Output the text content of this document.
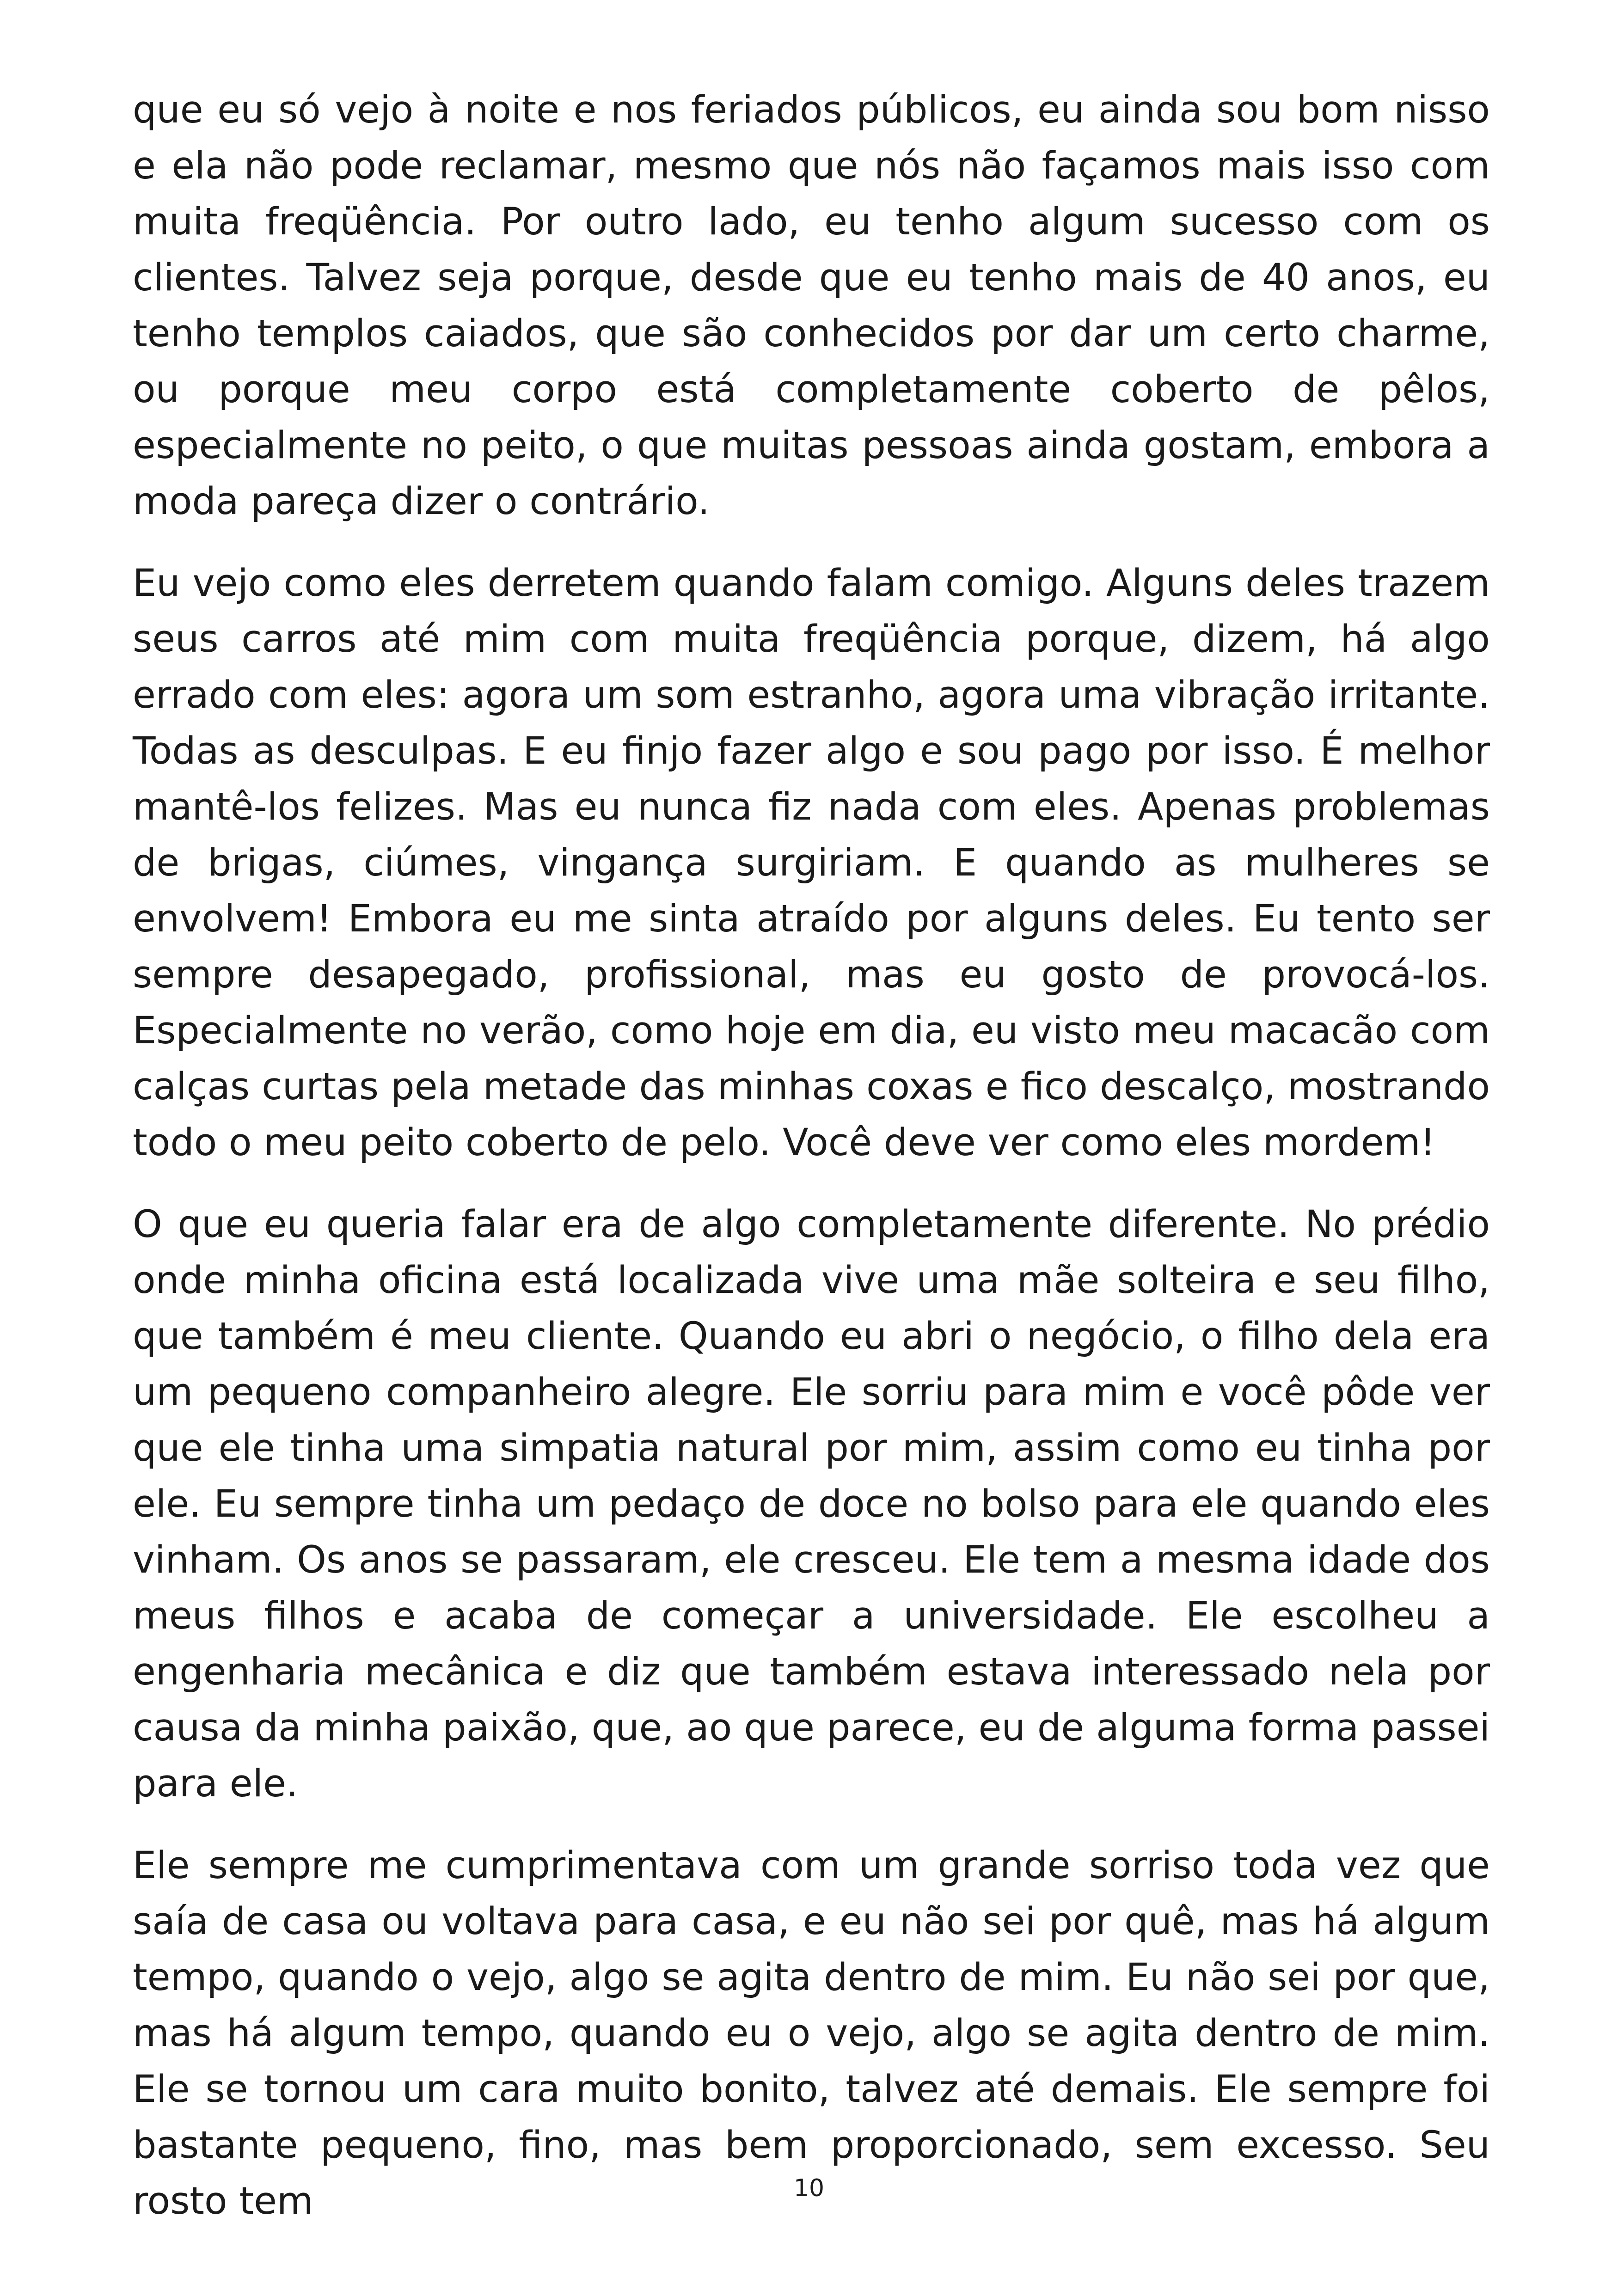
que eu só vejo à noite e nos feriados públicos, eu ainda sou bom nisso e ela não pode reclamar, mesmo que nós não façamos mais isso com muita freqüência. Por outro lado, eu tenho algum sucesso com os clientes. Talvez seja porque, desde que eu tenho mais de 40 anos, eu tenho templos caiados, que são conhecidos por dar um certo charme, ou porque meu corpo está completamente coberto de pêlos, especialmente no peito, o que muitas pessoas ainda gostam, embora a moda pareça dizer o contrário.

Eu vejo como eles derretem quando falam comigo. Alguns deles trazem seus carros até mim com muita freqüência porque, dizem, há algo errado com eles: agora um som estranho, agora uma vibração irritante. Todas as desculpas. E eu finjo fazer algo e sou pago por isso. É melhor mantê-los felizes. Mas eu nunca fiz nada com eles. Apenas problemas de brigas, ciúmes, vingança surgiriam. E quando as mulheres se envolvem! Embora eu me sinta atraído por alguns deles. Eu tento ser sempre desapegado, profissional, mas eu gosto de provocá-los. Especialmente no verão, como hoje em dia, eu visto meu macacão com calças curtas pela metade das minhas coxas e fico descalço, mostrando todo o meu peito coberto de pelo. Você deve ver como eles mordem!

O que eu queria falar era de algo completamente diferente. No prédio onde minha oficina está localizada vive uma mãe solteira e seu filho, que também é meu cliente. Quando eu abri o negócio, o filho dela era um pequeno companheiro alegre. Ele sorriu para mim e você pôde ver que ele tinha uma simpatia natural por mim, assim como eu tinha por ele. Eu sempre tinha um pedaço de doce no bolso para ele quando eles vinham. Os anos se passaram, ele cresceu. Ele tem a mesma idade dos meus filhos e acaba de começar a universidade. Ele escolheu a engenharia mecânica e diz que também estava interessado nela por causa da minha paixão, que, ao que parece, eu de alguma forma passei para ele.

Ele sempre me cumprimentava com um grande sorriso toda vez que saía de casa ou voltava para casa, e eu não sei por quê, mas há algum tempo, quando o vejo, algo se agita dentro de mim. Eu não sei por que, mas há algum tempo, quando eu o vejo, algo se agita dentro de mim. Ele se tornou um cara muito bonito, talvez até demais. Ele sempre foi bastante pequeno, fino, mas bem proporcionado, sem excesso. Seu rosto tem	10
